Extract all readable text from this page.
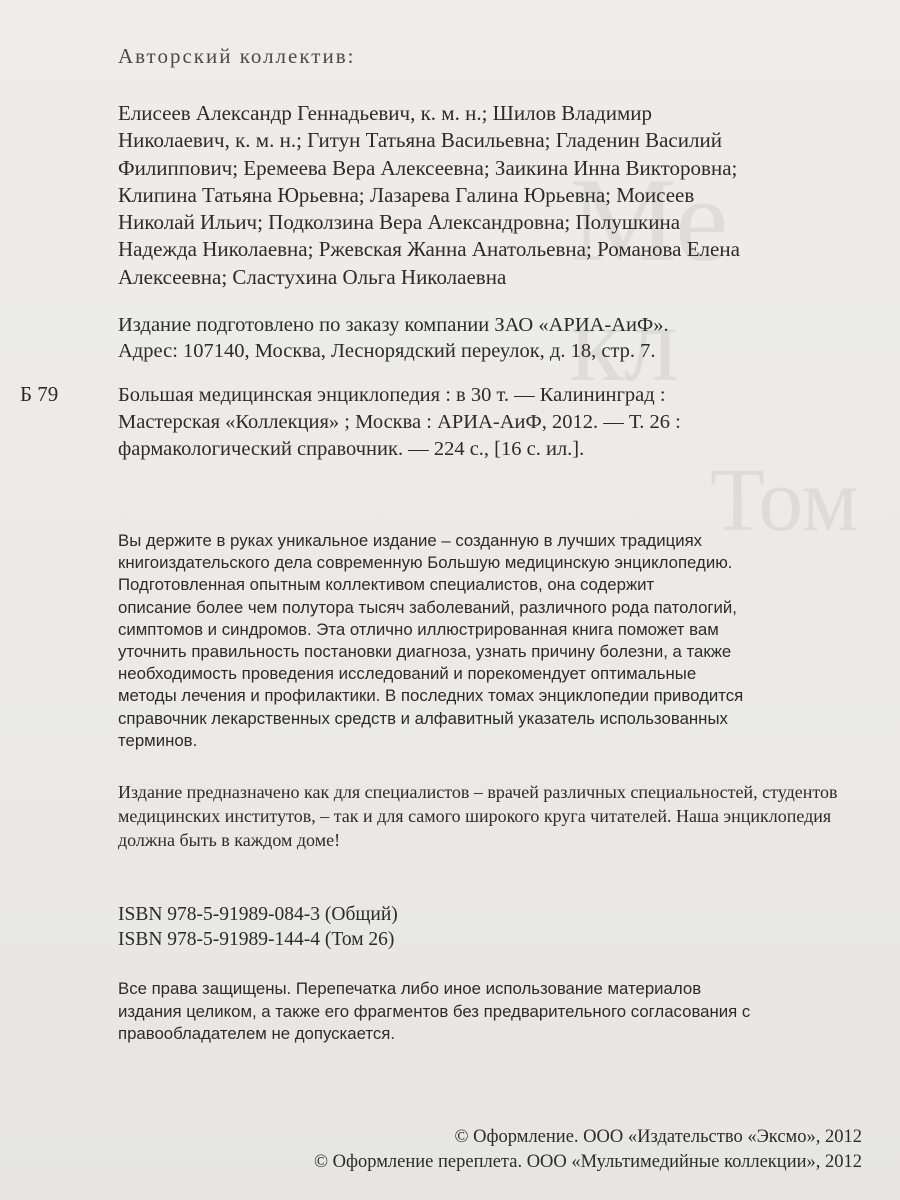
Ме
кл
Том
Авторский коллектив:
Елисеев Александр Геннадьевич, к. м. н.; Шилов Владимир
Николаевич, к. м. н.; Гитун Татьяна Васильевна; Гладенин Василий
Филиппович; Еремеева Вера Алексеевна; Заикина Инна Викторовна;
Клипина Татьяна Юрьевна; Лазарева Галина Юрьевна; Моисеев
Николай Ильич; Подколзина Вера Александровна; Полушкина
Надежда Николаевна; Ржевская Жанна Анатольевна; Романова Елена
Алексеевна; Сластухина Ольга Николаевна
Издание подготовлено по заказу компании ЗАО «АРИА-АиФ».
Адрес: 107140, Москва, Леснорядский переулок, д. 18, стр. 7.
Б 79	Большая медицинская энциклопедия : в 30 т. — Калининград :
Мастерская «Коллекция» ; Москва : АРИА-АиФ, 2012. — Т. 26 :
фармакологический справочник. — 224 с., [16 с. ил.].
Вы держите в руках уникальное издание – созданную в лучших традициях
книгоиздательского дела современную Большую медицинскую энциклопедию.
Подготовленная опытным коллективом специалистов, она содержит
описание более чем полутора тысяч заболеваний, различного рода патологий,
симптомов и синдромов. Эта отлично иллюстрированная книга поможет вам
уточнить правильность постановки диагноза, узнать причину болезни, а также
необходимость проведения исследований и порекомендует оптимальные
методы лечения и профилактики. В последних томах энциклопедии приводится
справочник лекарственных средств и алфавитный указатель использованных
терминов.
Издание предназначено как для специалистов – врачей различных специальностей, студентов медицинских институтов, – так и для самого широкого круга читателей. Наша энциклопедия должна быть в каждом доме!
ISBN 978-5-91989-084-3 (Общий)
ISBN 978-5-91989-144-4 (Том 26)
Все права защищены. Перепечатка либо иное использование материалов
издания целиком, а также его фрагментов без предварительного согласования с
правообладателем не допускается.
© Оформление. ООО «Издательство «Эксмо», 2012
© Оформление переплета. ООО «Мультимедийные коллекции», 2012
